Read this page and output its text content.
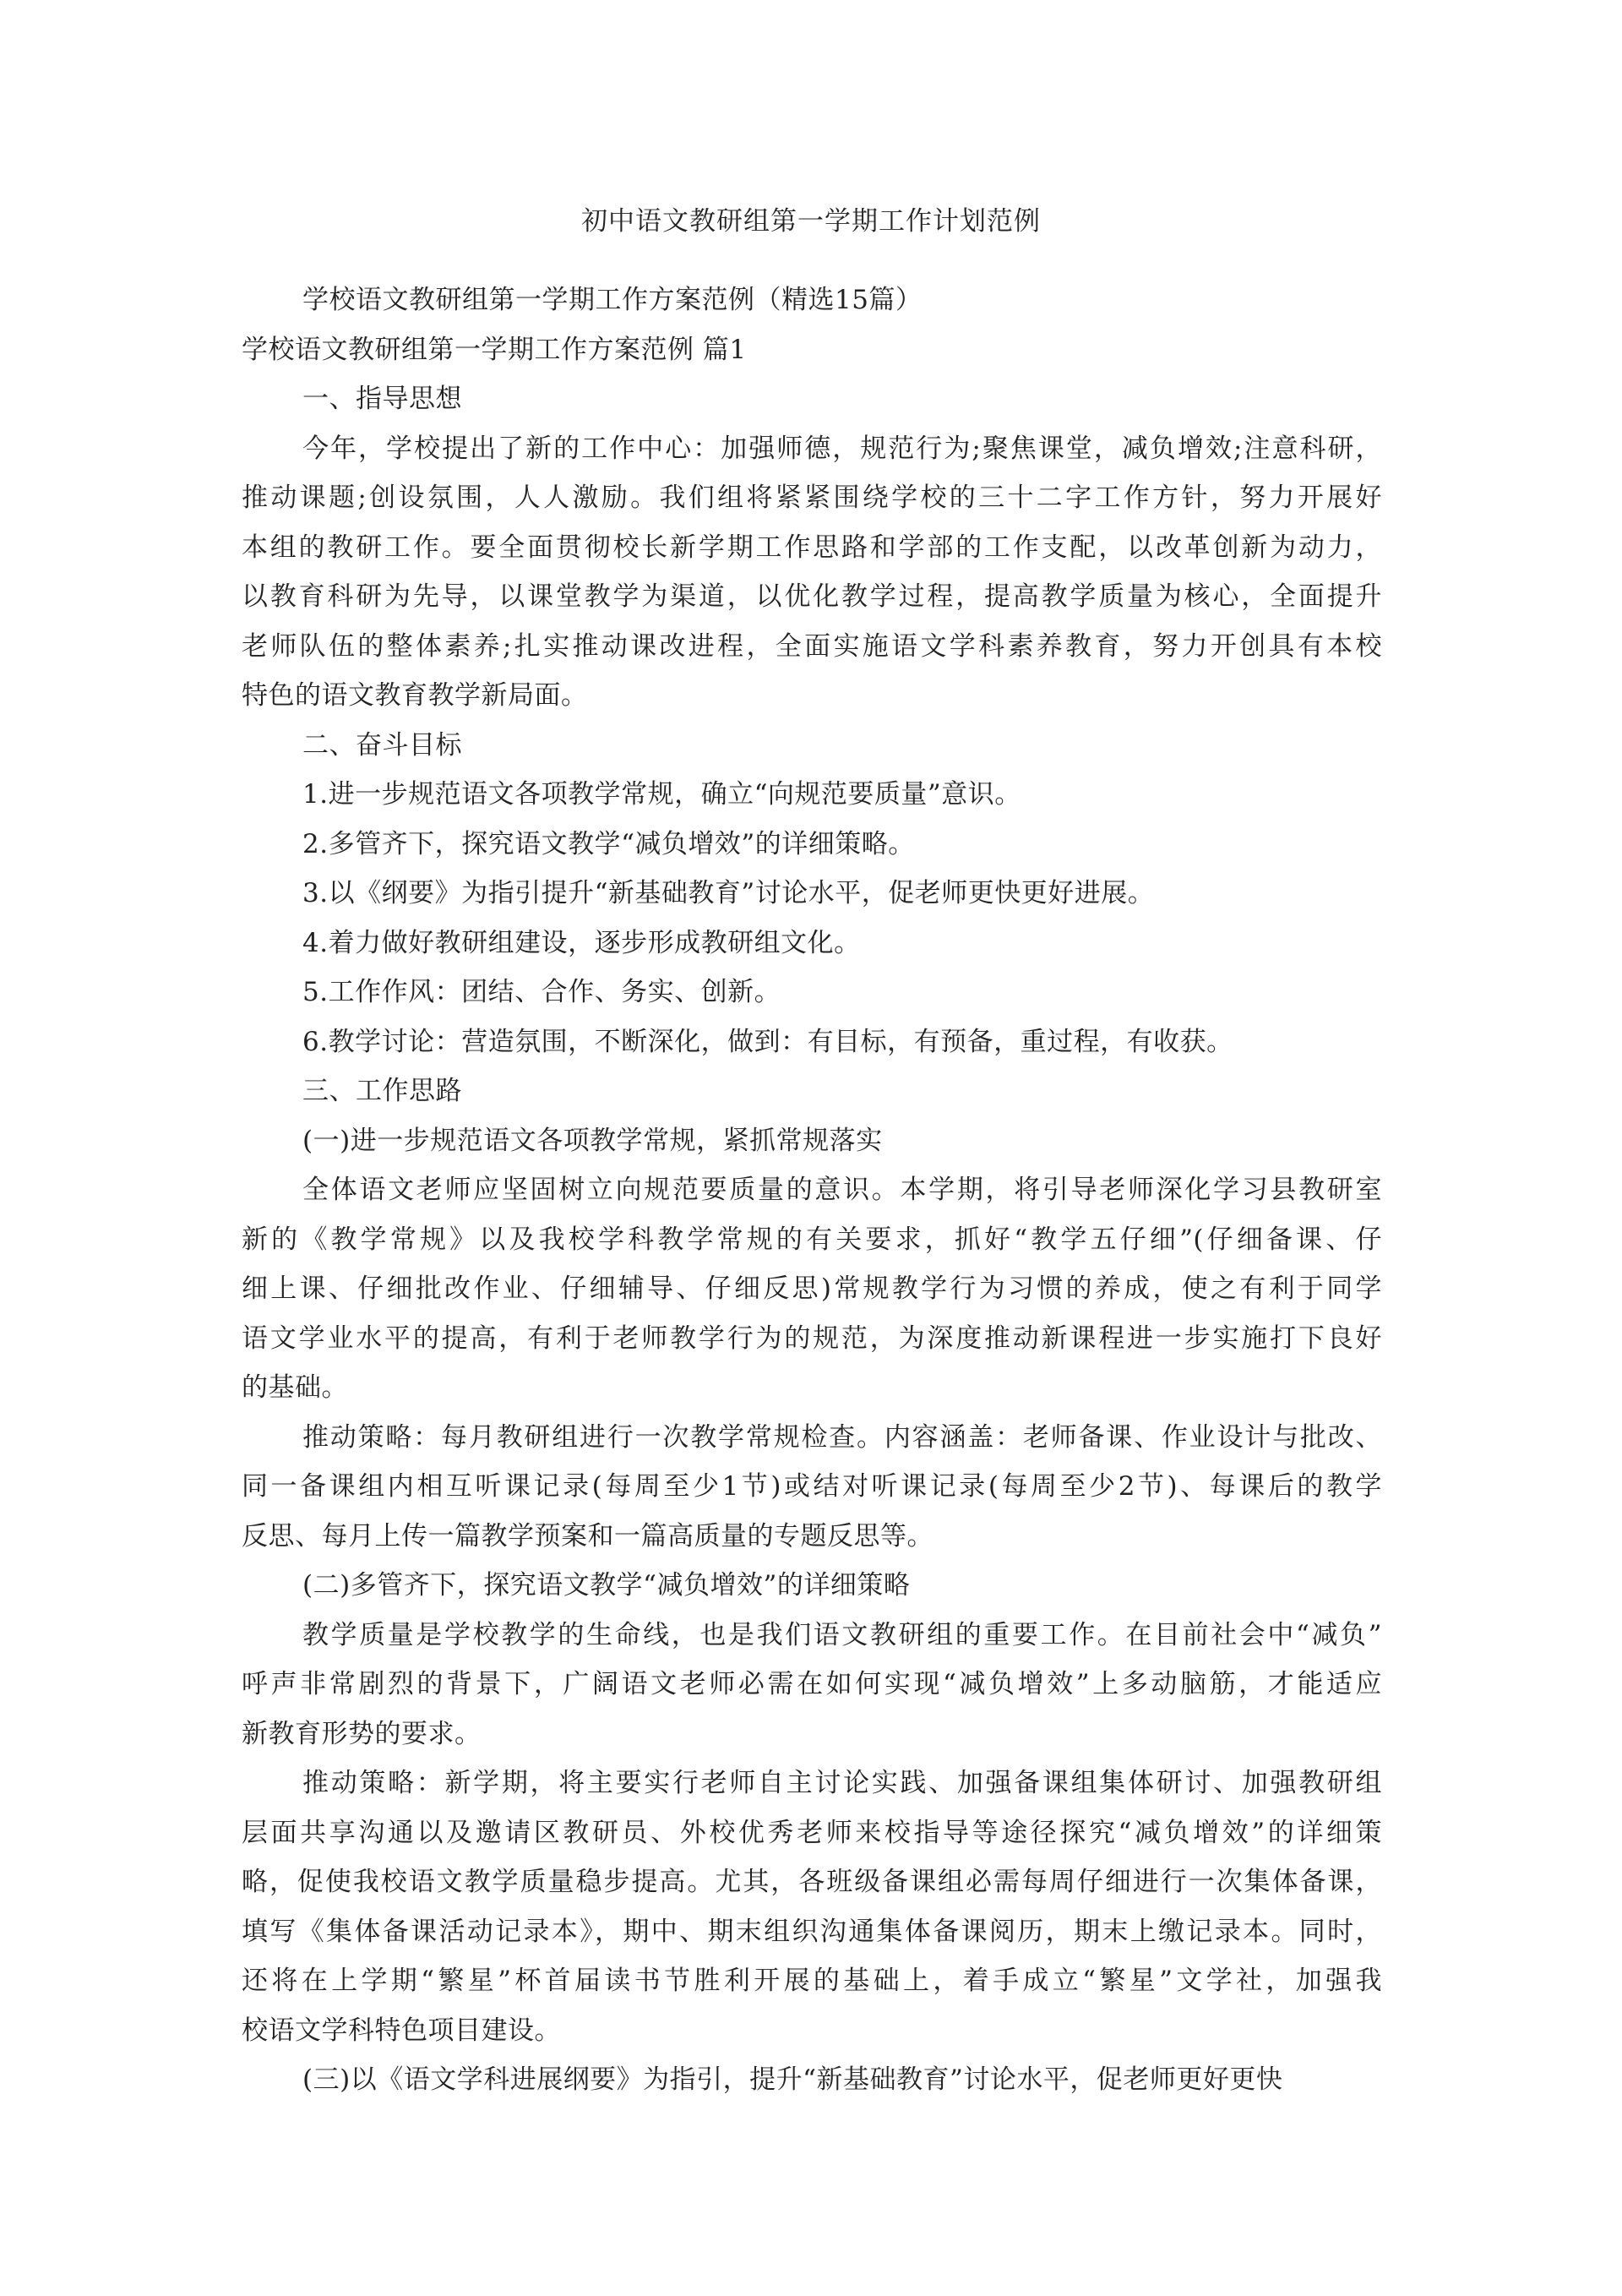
初中语文教研组第一学期工作计划范例
学校语文教研组第一学期工作方案范例（精选15篇）
学校语文教研组第一学期工作方案范例 篇1
一、指导思想
今年，学校提出了新的工作中心：加强师德，规范行为;聚焦课堂，减负增效;注意科研，
推动课题;创设氛围，人人激励。我们组将紧紧围绕学校的三十二字工作方针，努力开展好
本组的教研工作。要全面贯彻校长新学期工作思路和学部的工作支配，以改革创新为动力，
以教育科研为先导，以课堂教学为渠道，以优化教学过程，提高教学质量为核心，全面提升
老师队伍的整体素养;扎实推动课改进程，全面实施语文学科素养教育，努力开创具有本校
特色的语文教育教学新局面。
二、奋斗目标
1.进一步规范语文各项教学常规，确立“向规范要质量”意识。
2.多管齐下，探究语文教学“减负增效”的详细策略。
3.以《纲要》为指引提升“新基础教育”讨论水平，促老师更快更好进展。
4.着力做好教研组建设，逐步形成教研组文化。
5.工作作风：团结、合作、务实、创新。
6.教学讨论：营造氛围，不断深化，做到：有目标，有预备，重过程，有收获。
三、工作思路
(一)进一步规范语文各项教学常规，紧抓常规落实
全体语文老师应坚固树立向规范要质量的意识。本学期，将引导老师深化学习县教研室
新的《教学常规》以及我校学科教学常规的有关要求，抓好“教学五仔细”(仔细备课、仔
细上课、仔细批改作业、仔细辅导、仔细反思)常规教学行为习惯的养成，使之有利于同学
语文学业水平的提高，有利于老师教学行为的规范，为深度推动新课程进一步实施打下良好
的基础。
推动策略：每月教研组进行一次教学常规检查。内容涵盖：老师备课、作业设计与批改、
同一备课组内相互听课记录(每周至少1节)或结对听课记录(每周至少2节)、每课后的教学
反思、每月上传一篇教学预案和一篇高质量的专题反思等。
(二)多管齐下，探究语文教学“减负增效”的详细策略
教学质量是学校教学的生命线，也是我们语文教研组的重要工作。在目前社会中“减负”
呼声非常剧烈的背景下，广阔语文老师必需在如何实现“减负增效”上多动脑筋，才能适应
新教育形势的要求。
推动策略：新学期，将主要实行老师自主讨论实践、加强备课组集体研讨、加强教研组
层面共享沟通以及邀请区教研员、外校优秀老师来校指导等途径探究“减负增效”的详细策
略，促使我校语文教学质量稳步提高。尤其，各班级备课组必需每周仔细进行一次集体备课，
填写《集体备课活动记录本》，期中、期末组织沟通集体备课阅历，期末上缴记录本。同时，
还将在上学期“繁星”杯首届读书节胜利开展的基础上，着手成立“繁星”文学社，加强我
校语文学科特色项目建设。
(三)以《语文学科进展纲要》为指引，提升“新基础教育”讨论水平，促老师更好更快
